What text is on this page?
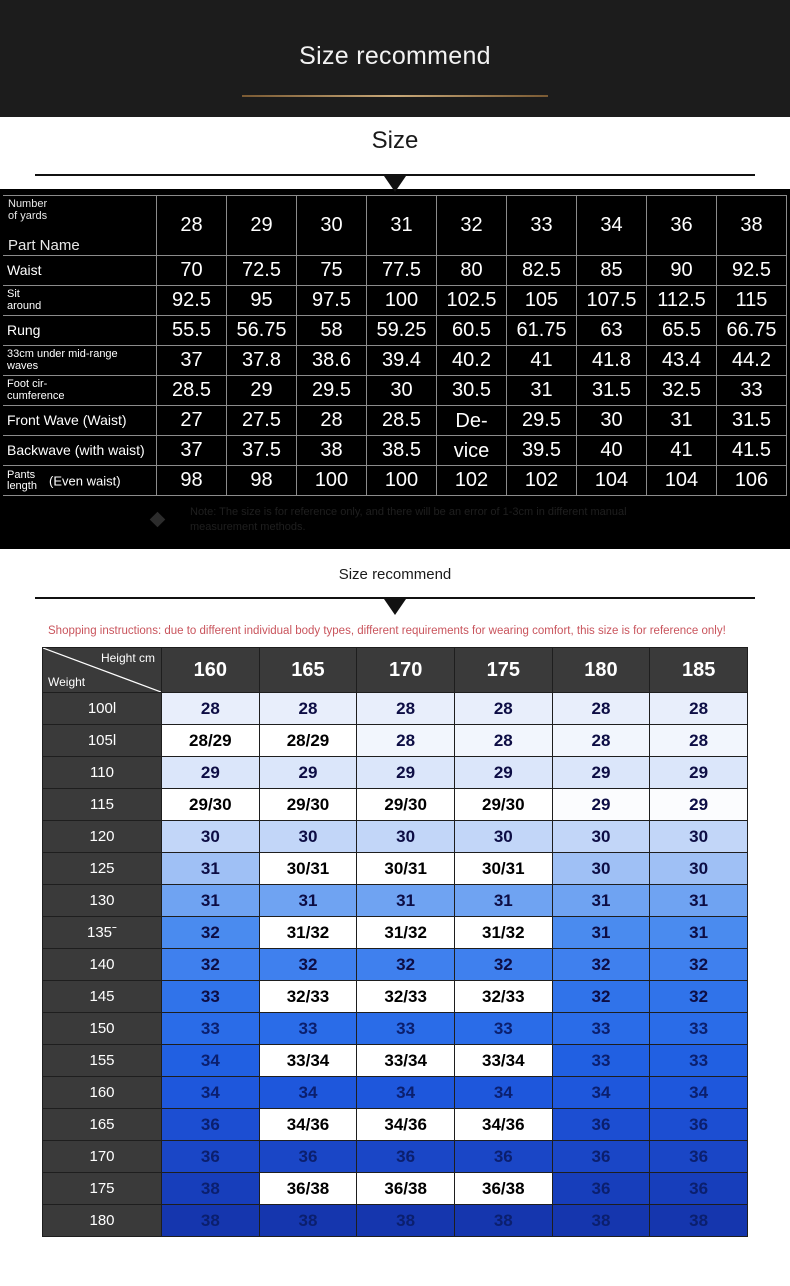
Size recommend
Size
Number
of yards
Part Name	28	29	30	31	32	33	34	36	38
Waist	70	72.5	75	77.5	80	82.5	85	90	92.5
Sit
around	92.5	95	97.5	100	102.5	105	107.5	112.5	115
Rung	55.5	56.75	58	59.25	60.5	61.75	63	65.5	66.75
33cm under mid-range
waves	37	37.8	38.6	39.4	40.2	41	41.8	43.4	44.2
Foot cir-
cumference	28.5	29	29.5	30	30.5	31	31.5	32.5	33
Front Wave (Waist)	27	27.5	28	28.5	De-	29.5	30	31	31.5
Backwave (with waist)	37	37.5	38	38.5	vice	39.5	40	41	41.5

Pants
length (Even waist)	98	98	100	100	102	102	104	104	106
Note: The size is for reference only, and there will be an error of 1-3cm in different manual measurement methods.
Size recommend
Shopping instructions: due to different individual body types, different requirements for wearing comfort, this size is for reference only!
Height cm
Weight	160	165	170	175	180	185
100l	28	28	28	28	28	28
105l	28/29	28/29	28	28	28	28
110	29	29	29	29	29	29
115	29/30	29/30	29/30	29/30	29	29
120	30	30	30	30	30	30
125	31	30/31	30/31	30/31	30	30
130	31	31	31	31	31	31
135ˉ	32	31/32	31/32	31/32	31	31
140	32	32	32	32	32	32
145	33	32/33	32/33	32/33	32	32
150	33	33	33	33	33	33
155	34	33/34	33/34	33/34	33	33
160	34	34	34	34	34	34
165	36	34/36	34/36	34/36	36	36
170	36	36	36	36	36	36
175	38	36/38	36/38	36/38	36	36
180	38	38	38	38	38	38
